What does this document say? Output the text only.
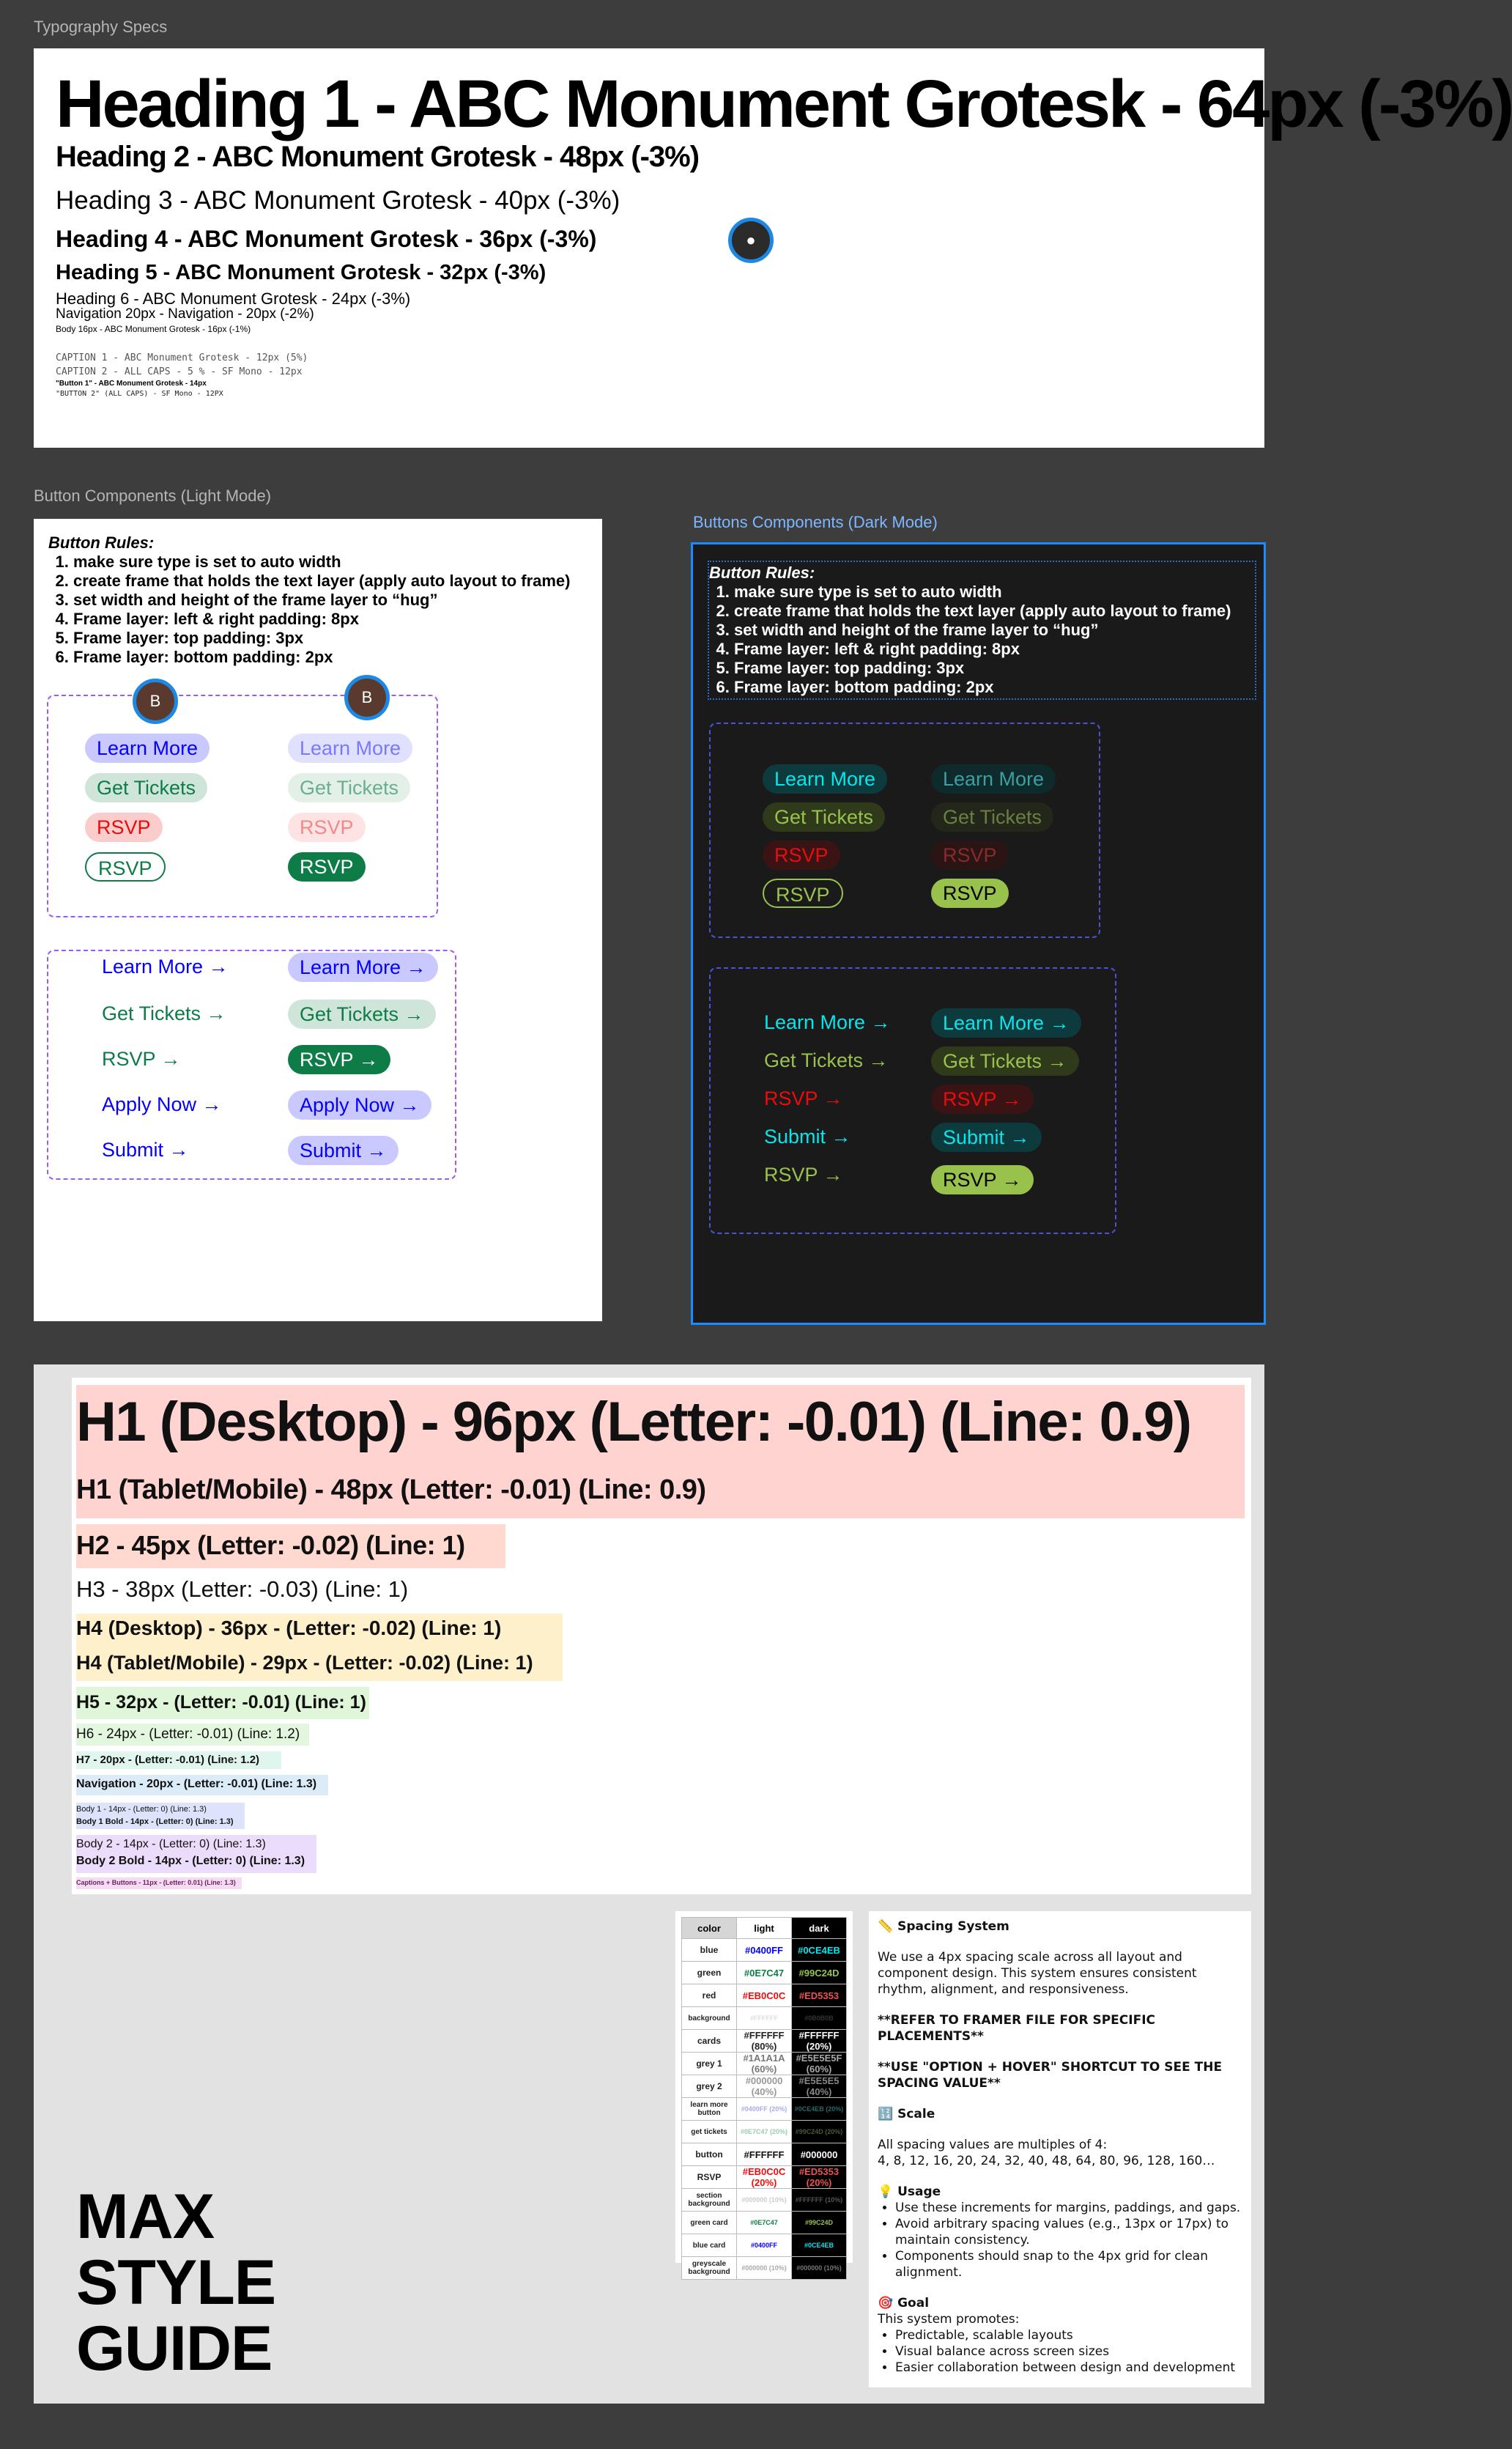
Typography Specs
Heading 1 - ABC Monument Grotesk - 64px (-3%)
Heading 2 - ABC Monument Grotesk - 48px (-3%)
Heading 3 - ABC Monument Grotesk - 40px (-3%)
Heading 4 - ABC Monument Grotesk - 36px (-3%)
Heading 5 - ABC Monument Grotesk - 32px (-3%)
Heading 6 - ABC Monument Grotesk - 24px (-3%)
Navigation 20px - Navigation - 20px (-2%)
Body 16px - ABC Monument Grotesk - 16px (-1%)
CAPTION 1 - ABC Monument Grotesk - 12px (5%)
CAPTION 2 - ALL CAPS - 5 % - SF Mono - 12px
"Button 1" - ABC Monument Grotesk - 14px
"BUTTON 2" (ALL CAPS) - SF Mono - 12PX
●
Button Components (Light Mode)
Button Rules:
1. make sure type is set to auto width
2. create frame that holds the text layer (apply auto layout to frame)
3. set width and height of the frame layer to “hug”
4. Frame layer: left & right padding: 8px
5. Frame layer: top padding: 3px
6. Frame layer: bottom padding: 2px
B	B
Learn More	Learn More
Get Tickets	Get Tickets
RSVP	RSVP
RSVP	RSVP
Learn More →	Learn More →
Get Tickets →	Get Tickets →
RSVP →	RSVP →
Apply Now →	Apply Now →
Submit →	Submit →
Buttons Components (Dark Mode)
Button Rules:
1. make sure type is set to auto width
2. create frame that holds the text layer (apply auto layout to frame)
3. set width and height of the frame layer to “hug”
4. Frame layer: left & right padding: 8px
5. Frame layer: top padding: 3px
6. Frame layer: bottom padding: 2px
Learn More	Learn More
Get Tickets	Get Tickets
RSVP	RSVP
RSVP	RSVP
Learn More →	Learn More →
Get Tickets →	Get Tickets →
RSVP →	RSVP →
Submit →	Submit →
RSVP →	RSVP →
H1 (Desktop) - 96px (Letter: -0.01) (Line: 0.9)
H1 (Tablet/Mobile) - 48px (Letter: -0.01) (Line: 0.9)
H2 - 45px (Letter: -0.02) (Line: 1)
H3 - 38px (Letter: -0.03) (Line: 1)
H4 (Desktop) - 36px - (Letter: -0.02) (Line: 1)
H4 (Tablet/Mobile) - 29px - (Letter: -0.02) (Line: 1)
H5 - 32px - (Letter: -0.01) (Line: 1)
H6 - 24px - (Letter: -0.01) (Line: 1.2)
H7 - 20px - (Letter: -0.01) (Line: 1.2)
Navigation - 20px - (Letter: -0.01) (Line: 1.3)
Body 1 - 14px - (Letter: 0) (Line: 1.3)
Body 1 Bold - 14px - (Letter: 0) (Line: 1.3)
Body 2 - 14px - (Letter: 0) (Line: 1.3)
Body 2 Bold - 14px - (Letter: 0) (Line: 1.3)
Captions + Buttons - 11px - (Letter: 0.01) (Line: 1.3)
MAX
STYLE
GUIDE
color	light	dark
blue	#0400FF	#0CE4EB
green	#0E7C47	#99C24D
red	#EB0C0C	#ED5353
background	#FFFFFF	#0B0B0B
cards	#FFFFFF (80%)	#FFFFFF (20%)
grey 1	#1A1A1A (60%)	#E5E5E5F (60%)
grey 2	#000000 (40%)	#E5E5E5 (40%)
learn more button	#0400FF (20%)	#0CE4EB (20%)
get tickets	#0E7C47 (20%)	#99C24D (20%)
button	#FFFFFF	#000000
RSVP	#EB0C0C (20%)	#ED5353 (20%)
section background	#000000 (10%)	#FFFFFF (10%)
green card	#0E7C47	#99C24D
blue card	#0400FF	#0CE4EB
greyscale background	#000000 (10%)	#000000 (10%)

📏 Spacing System

We use a 4px spacing scale across all layout and component design. This system ensures consistent rhythm, alignment, and responsiveness.

**REFER TO FRAMER FILE FOR SPECIFIC PLACEMENTS**

**USE "OPTION + HOVER" SHORTCUT TO SEE THE SPACING VALUE**

🔢 Scale

All spacing values are multiples of 4:

4, 8, 12, 16, 20, 24, 32, 40, 48, 64, 80, 96, 128, 160…

💡 Usage

• Use these increments for margins, paddings, and gaps.
• Avoid arbitrary spacing values (e.g., 13px or 17px) to maintain consistency.
• Components should snap to the 4px grid for clean alignment.

🎯 Goal

This system promotes:

• Predictable, scalable layouts
• Visual balance across screen sizes
• Easier collaboration between design and development
